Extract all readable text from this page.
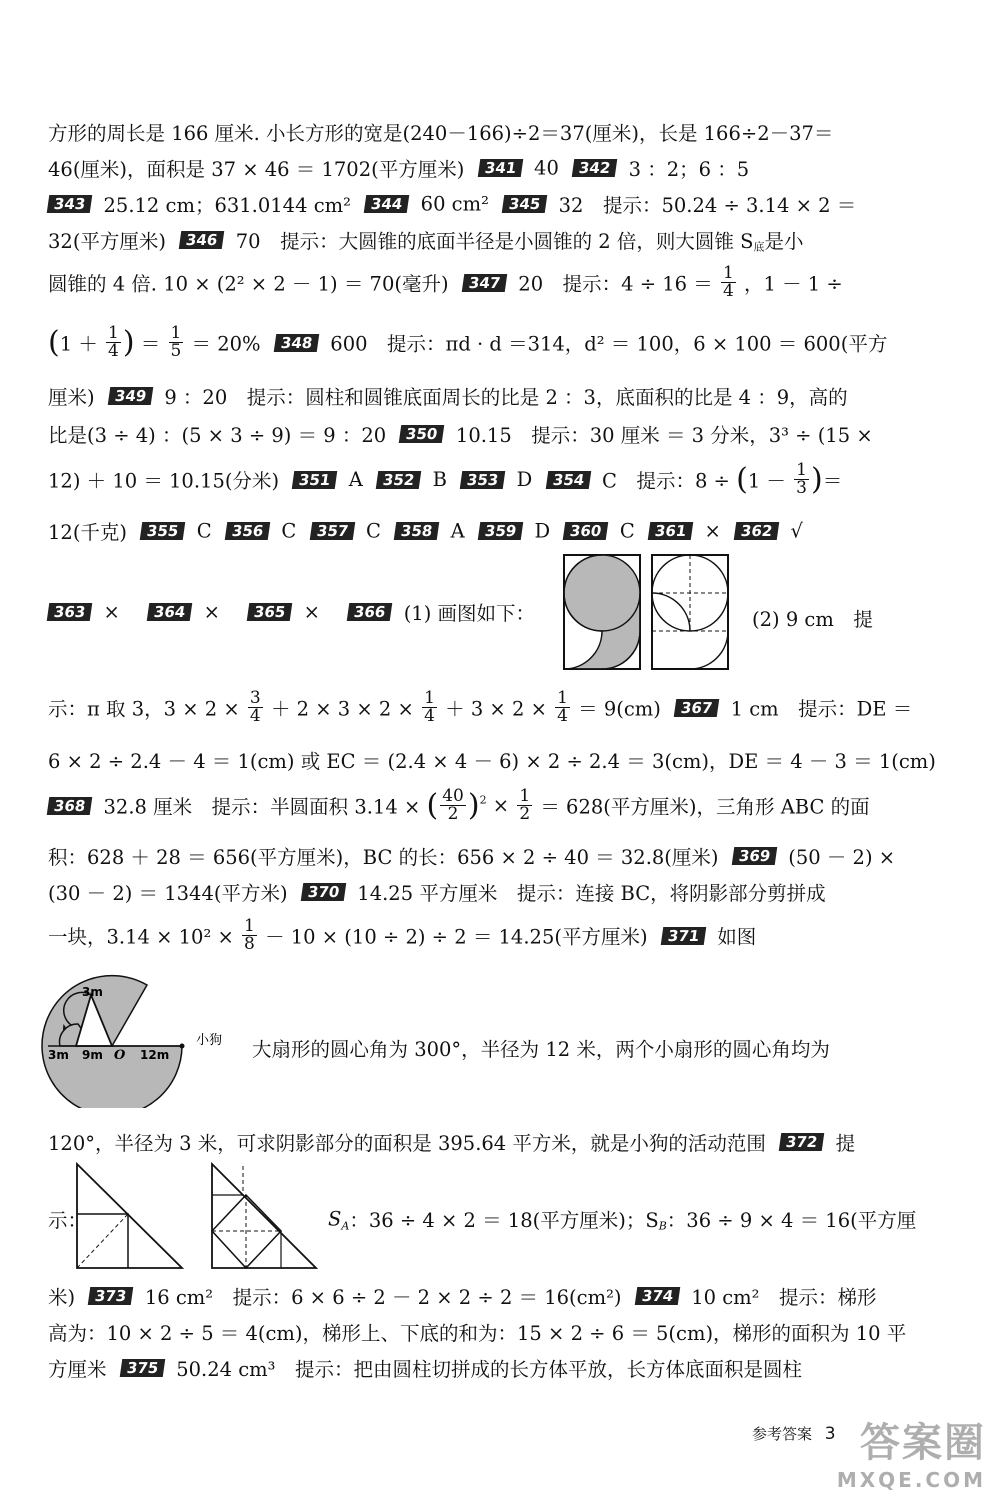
方形的周长是 166 厘米. 小长方形的宽是(240－166)÷2＝37(厘米)，长是 166÷2－37＝
46(厘米)，面积是 37 × 46 ＝ 1702(平方厘米) 341 40 342 3 ：2；6 ：5
343 25.12 cm；631.0144 cm² 344 60 cm² 345 32　提示：50.24 ÷ 3.14 × 2 ＝
32(平方厘米) 346 70　提示：大圆锥的底面半径是小圆锥的 2 倍，则大圆锥 $S_底$是小
圆锥的 4 倍. 10 × (2² × 2 － 1) ＝ 70(毫升) 347 20　提示：$4 \div 16 = \frac{1}{4}$ ，1 － 1 ÷
($1 + \frac{1}{4}$ ) ＝ $\frac{1}{5} = 20\%$ 348 600　提示：πd · d ＝314，d² ＝ 100，6 × 100 ＝ 600(平方
厘米) 349 9 ：20　提示：圆柱和圆锥底面周长的比是 2 ：3，底面积的比是 4 ：9，高的
比是(3 ÷ 4) ：(5 × 3 ÷ 9) ＝ 9 ：20 350 10.15　提示：30 厘米 ＝ 3 分米，3³ ÷ (15 ×
12) ＋ 10 ＝ 10.15(分米) 351 A 352 B 353 D 354 C　提示：$8 \div (1 - \frac{1}{3}$ )＝
12(千克) 355 C 356 C 357 C 358 A 359 D 360 C 361 × 362 √
363 × 364 × 365 × 366 (1) 画图如下：	(2) 9 cm　提
示：π 取 3，$3 \times 2 \times \frac{3}{4} + 2 \times 3 \times 2 \times \frac{1}{4} + 3 \times 2 \times \frac{1}{4} = 9(cm)$ 367 1 cm　提示：DE ＝
6 × 2 ÷ 2.4 － 4 ＝ 1(cm) 或 EC ＝ (2.4 × 4 － 6) × 2 ÷ 2.4 ＝ 3(cm)，DE ＝ 4 － 3 ＝ 1(cm)
368 32.8 厘米　提示：半圆面积 3.14 × ( $\frac{40}{2} )^2 \times \frac{1}{2} = 628$(平方厘米)，三角形 ABC 的面
积：628 ＋ 28 ＝ 656(平方厘米)，BC 的长：656 × 2 ÷ 40 ＝ 32.8(厘米) 369 (50 － 2) ×
(30 － 2) ＝ 1344(平方米) 370 14.25 平方厘米　提示：连接 BC，将阴影部分剪拼成
一块，$3.14 \times 10^2 \times \frac{1}{8} - 10 \times (10 \div 2) \div 2 = 14.25$(平方厘米) 371 如图
3m
3m 9m O 12m
小狗 大扇形的圆心角为 300°，半径为 12 米，两个小扇形的圆心角均为
120°，半径为 3 米，可求阴影部分的面积是 395.64 平方米，就是小狗的活动范围 372 提
示：	$S_A$：36 ÷ 4 × 2 ＝ 18(平方厘米)；$S_B$：36 ÷ 9 × 4 ＝ 16(平方厘
米) 373 16 cm²　提示：6 × 6 ÷ 2 － 2 × 2 ÷ 2 ＝ 16(cm²) 374 10 cm²　提示：梯形
高为：10 × 2 ÷ 5 ＝ 4(cm)，梯形上、下底的和为：15 × 2 ÷ 6 ＝ 5(cm)，梯形的面积为 10 平
方厘米 375 50.24 cm³　提示：把由圆柱切拼成的长方体平放，长方体底面积是圆柱
参考答案 3 答案圈
MXQE.COM
